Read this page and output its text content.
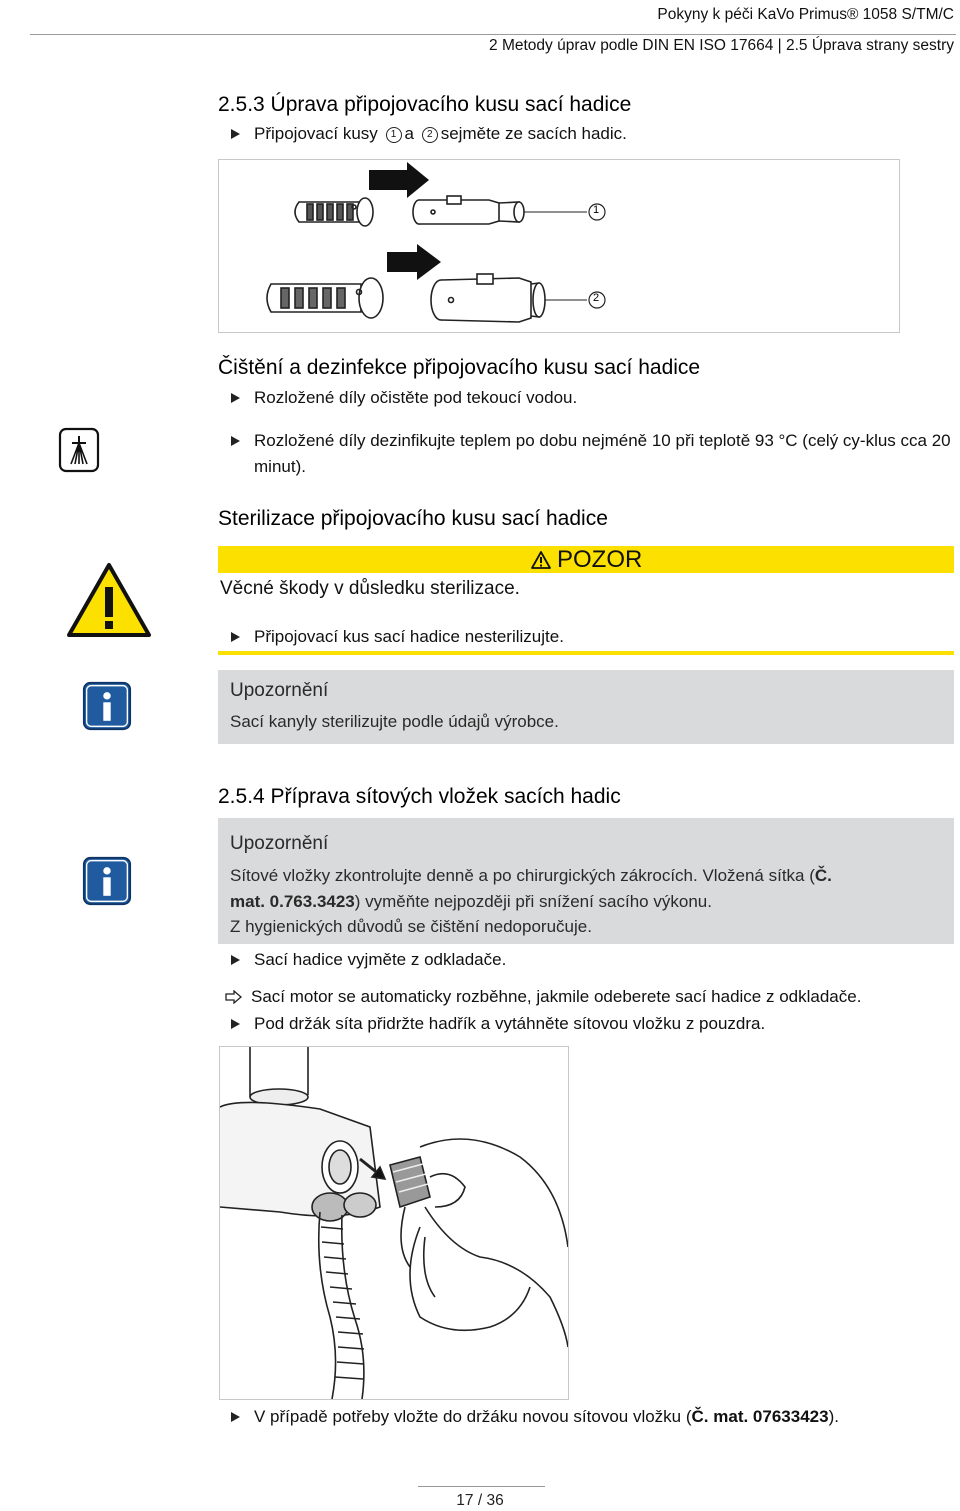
Pokyny k péči KaVo Primus® 1058 S/TM/C
2 Metody úprav podle DIN EN ISO 17664 | 2.5 Úprava strany sestry
2.5.3 Úprava připojovacího kusu sací hadice
Připojovací kusy 1 a 2 sejměte ze sacích hadic.
1
2
Čištění a dezinfekce připojovacího kusu sací hadice
Rozložené díly očistěte pod tekoucí vodou.
Rozložené díly dezinfikujte teplem po dobu nejméně 10 při teplotě 93 °C (celý cy-klus cca 20 minut).
Sterilizace připojovacího kusu sací hadice
POZOR
Věcné škody v důsledku sterilizace.
Připojovací kus sací hadice nesterilizujte.
Upozornění
Sací kanyly sterilizujte podle údajů výrobce.
2.5.4 Příprava sítových vložek sacích hadic
Upozornění
Sítové vložky zkontrolujte denně a po chirurgických zákrocích. Vložená sítka (Č.
mat. 0.763.3423) vyměňte nejpozději při snížení sacího výkonu.
Z hygienických důvodů se čištění nedoporučuje.
Sací hadice vyjměte z odkladače.
Sací motor se automaticky rozběhne, jakmile odeberete sací hadice z odkladače.
Pod držák síta přidržte hadřík a vytáhněte sítovou vložku z pouzdra.
V případě potřeby vložte do držáku novou sítovou vložku (Č. mat. 07633423).
17 / 36
